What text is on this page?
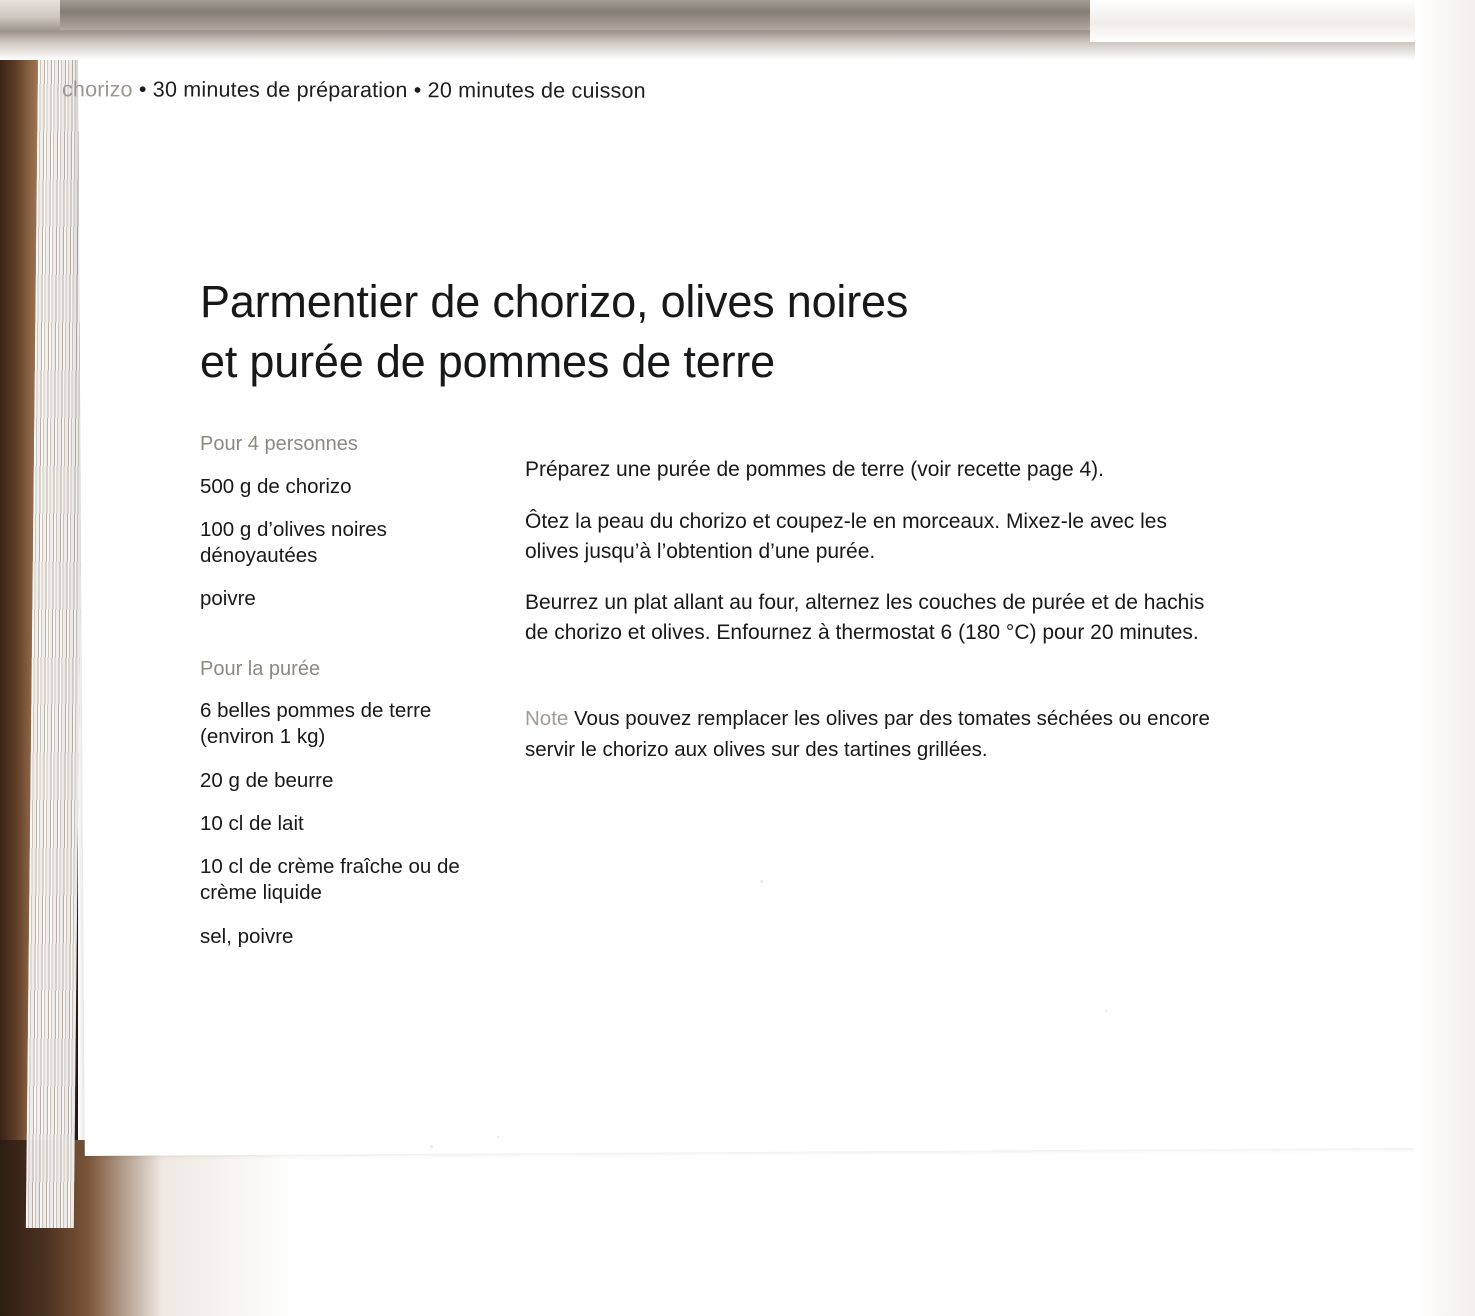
chorizo • 30 minutes de préparation • 20 minutes de cuisson
Parmentier de chorizo, olives noires
et purée de pommes de terre
Pour 4 personnes
500 g de chorizo
100 g d’olives noires dénoyautées
poivre
Pour la purée
6 belles pommes de terre (environ 1 kg)
20 g de beurre
10 cl de lait
10 cl de crème fraîche ou de crème liquide
sel, poivre

Préparez une purée de pommes de terre (voir recette page 4).

Ôtez la peau du chorizo et coupez-le en morceaux. Mixez-le avec les olives jusqu’à l’obtention d’une purée.

Beurrez un plat allant au four, alternez les couches de purée et de hachis de chorizo et olives. Enfournez à thermostat 6 (180 °C) pour 20 minutes.

Note Vous pouvez remplacer les olives par des tomates séchées ou encore servir le chorizo aux olives sur des tartines grillées.
